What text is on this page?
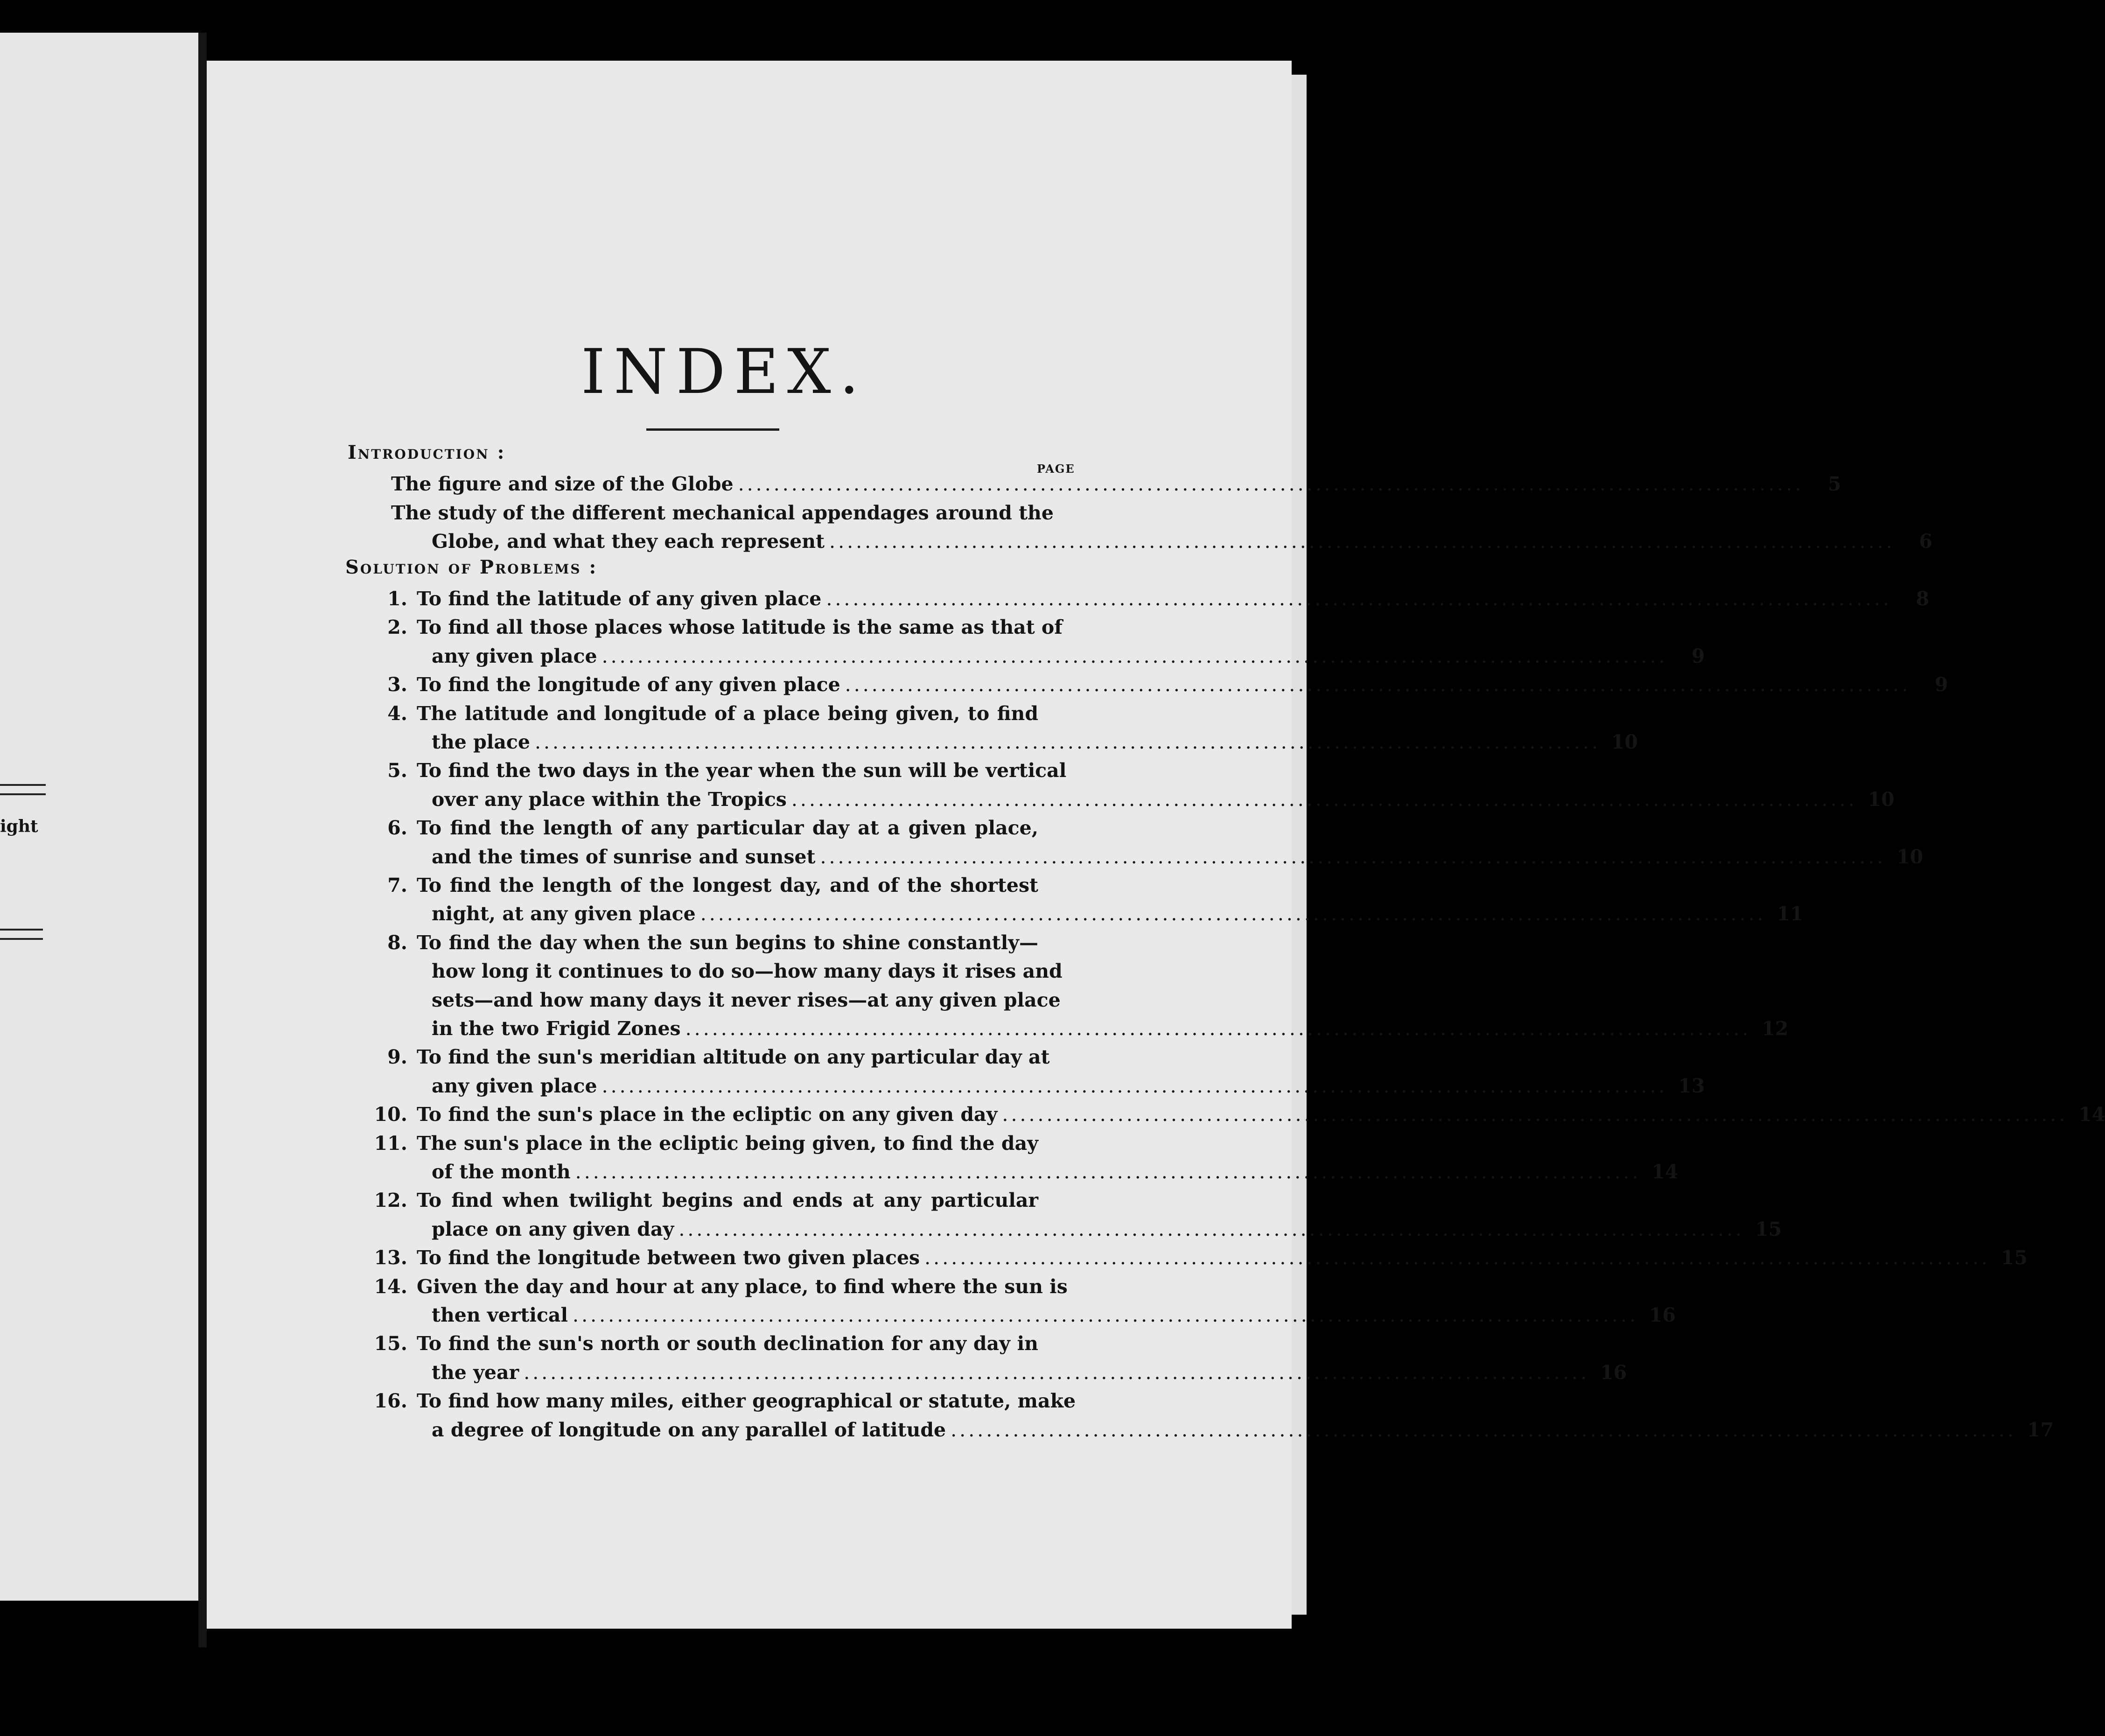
ight
INDEX.
PAGE
Introduction :
The figure and size of the Globe ........................................................................................................................	5
The study of the different mechanical appendages around the
Globe, and what they each represent ........................................................................................................................	6
Solution of Problems :
1. To find the latitude of any given place ........................................................................................................................	8
2. To find all those places whose latitude is the same as that of
any given place ........................................................................................................................	9
3. To find the longitude of any given place ........................................................................................................................	9
4. The latitude and longitude of a place being given, to find
the place ........................................................................................................................ 10
5. To find the two days in the year when the sun will be vertical
over any place within the Tropics ........................................................................................................................ 10
6. To find the length of any particular day at a given place,
and the times of sunrise and sunset ........................................................................................................................ 10
7. To find the length of the longest day, and of the shortest
night, at any given place ........................................................................................................................ 11
8. To find the day when the sun begins to shine constantly—
how long it continues to do so—how many days it rises and
sets—and how many days it never rises—at any given place
in the two Frigid Zones ........................................................................................................................ 12
9. To find the sun's meridian altitude on any particular day at
any given place ........................................................................................................................ 13
10. To find the sun's place in the ecliptic on any given day ........................................................................................................................ 14
11. The sun's place in the ecliptic being given, to find the day
of the month ........................................................................................................................ 14
12. To find when twilight begins and ends at any particular
place on any given day ........................................................................................................................ 15
13. To find the longitude between two given places ........................................................................................................................ 15
14. Given the day and hour at any place, to find where the sun is
then vertical ........................................................................................................................ 16
15. To find the sun's north or south declination for any day in
the year ........................................................................................................................ 16
16. To find how many miles, either geographical or statute, make
a degree of longitude on any parallel of latitude ........................................................................................................................ 17
